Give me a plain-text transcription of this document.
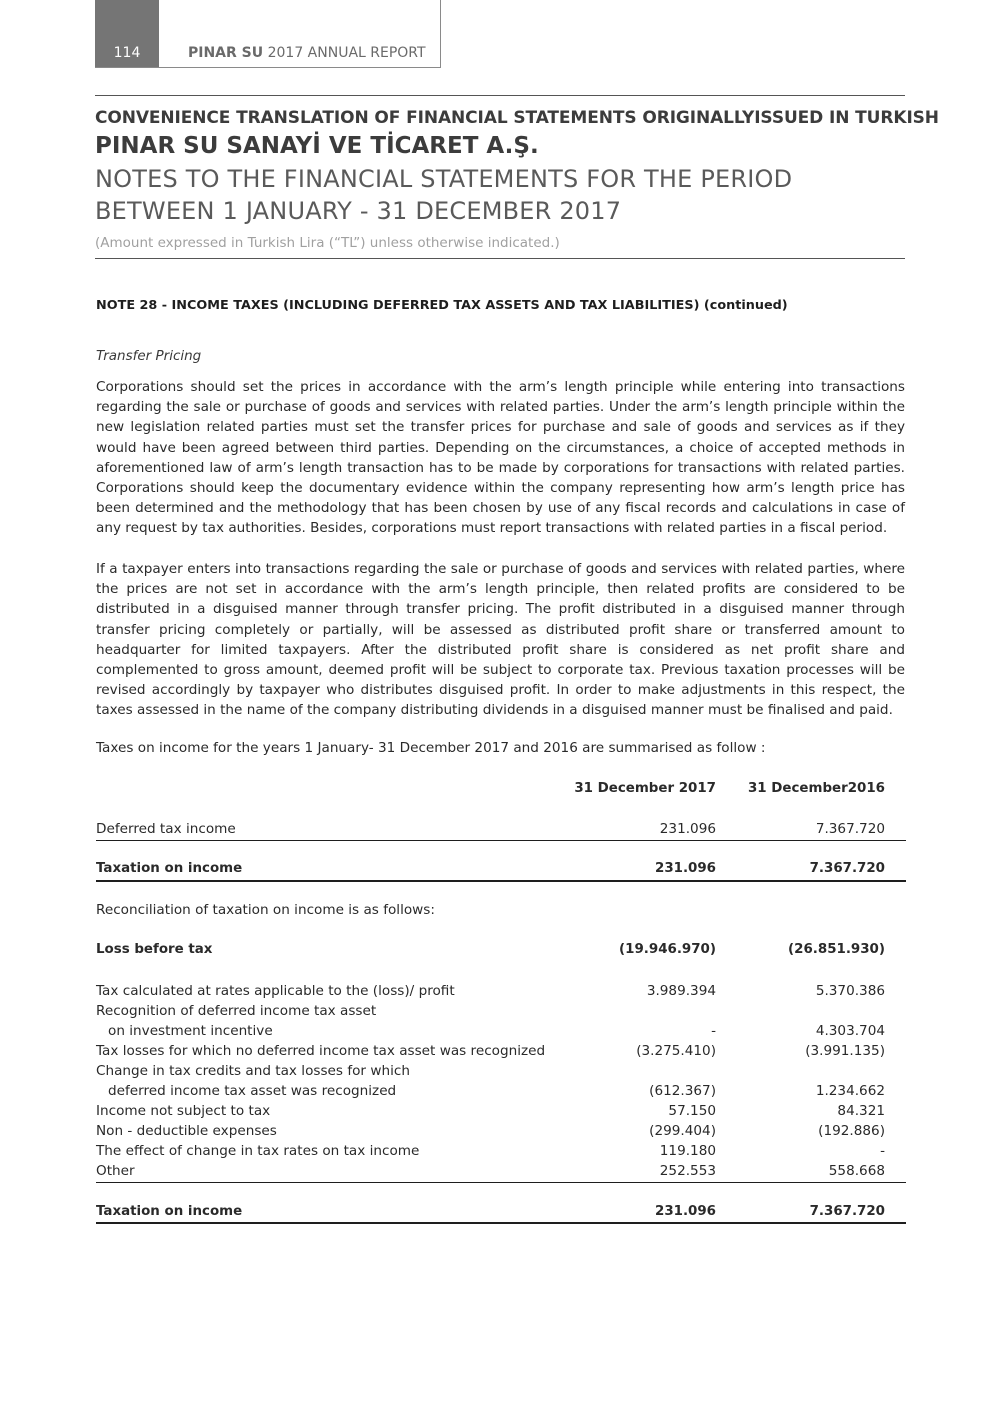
114	PINAR SU 2017 ANNUAL REPORT
CONVENIENCE TRANSLATION OF FINANCIAL STATEMENTS ORIGINALLYISSUED IN TURKISH
PINAR SU SANAYİ VE TİCARET A.Ş.
NOTES TO THE FINANCIAL STATEMENTS FOR THE PERIOD
BETWEEN 1 JANUARY - 31 DECEMBER 2017
(Amount expressed in Turkish Lira (“TL”) unless otherwise indicated.)
NOTE 28 - INCOME TAXES (INCLUDING DEFERRED TAX ASSETS AND TAX LIABILITIES) (continued)
Transfer Pricing
Corporations should set the prices in accordance with the arm’s length principle while entering into transactions regarding the sale or purchase of goods and services with related parties. Under the arm’s length principle within the new legislation related parties must set the transfer prices for purchase and sale of goods and services as if they would have been agreed between third parties. Depending on the circumstances, a choice of accepted methods in aforementioned law of arm’s length transaction has to be made by corporations for transactions with related parties. Corporations should keep the documentary evidence within the company representing how arm’s length price has been determined and the methodology that has been chosen by use of any fiscal records and calculations in case of any request by tax authorities. Besides, corporations must report transactions with related parties in a fiscal period.
If a taxpayer enters into transactions regarding the sale or purchase of goods and services with related parties, where the prices are not set in accordance with the arm’s length principle, then related profits are considered to be distributed in a disguised manner through transfer pricing. The profit distributed in a disguised manner through transfer pricing completely or partially, will be assessed as distributed profit share or transferred amount to headquarter for limited taxpayers. After the distributed profit share is considered as net profit share and complemented to gross amount, deemed profit will be subject to corporate tax. Previous taxation processes will be revised accordingly by taxpayer who distributes disguised profit. In order to make adjustments in this respect, the taxes assessed in the name of the company distributing dividends in a disguised manner must be finalised and paid.
Taxes on income for the years 1 January- 31 December 2017 and 2016 are summarised as follow :
31 December 2017 31 December2016
Deferred tax income	231.096	7.367.720
Taxation on income	231.096	7.367.720
Reconciliation of taxation on income is as follows:
Loss before tax	(19.946.970)	(26.851.930)
Tax calculated at rates applicable to the (loss)/ profit	3.989.394	5.370.386
Recognition of deferred income tax asset
on investment incentive	-	4.303.704
Tax losses for which no deferred income tax asset was recognized	(3.275.410)	(3.991.135)
Change in tax credits and tax losses for which
deferred income tax asset was recognized	(612.367)	1.234.662
Income not subject to tax	57.150	84.321
Non - deductible expenses	(299.404)	(192.886)
The effect of change in tax rates on tax income	119.180	-
Other	252.553	558.668
Taxation on income	231.096	7.367.720
